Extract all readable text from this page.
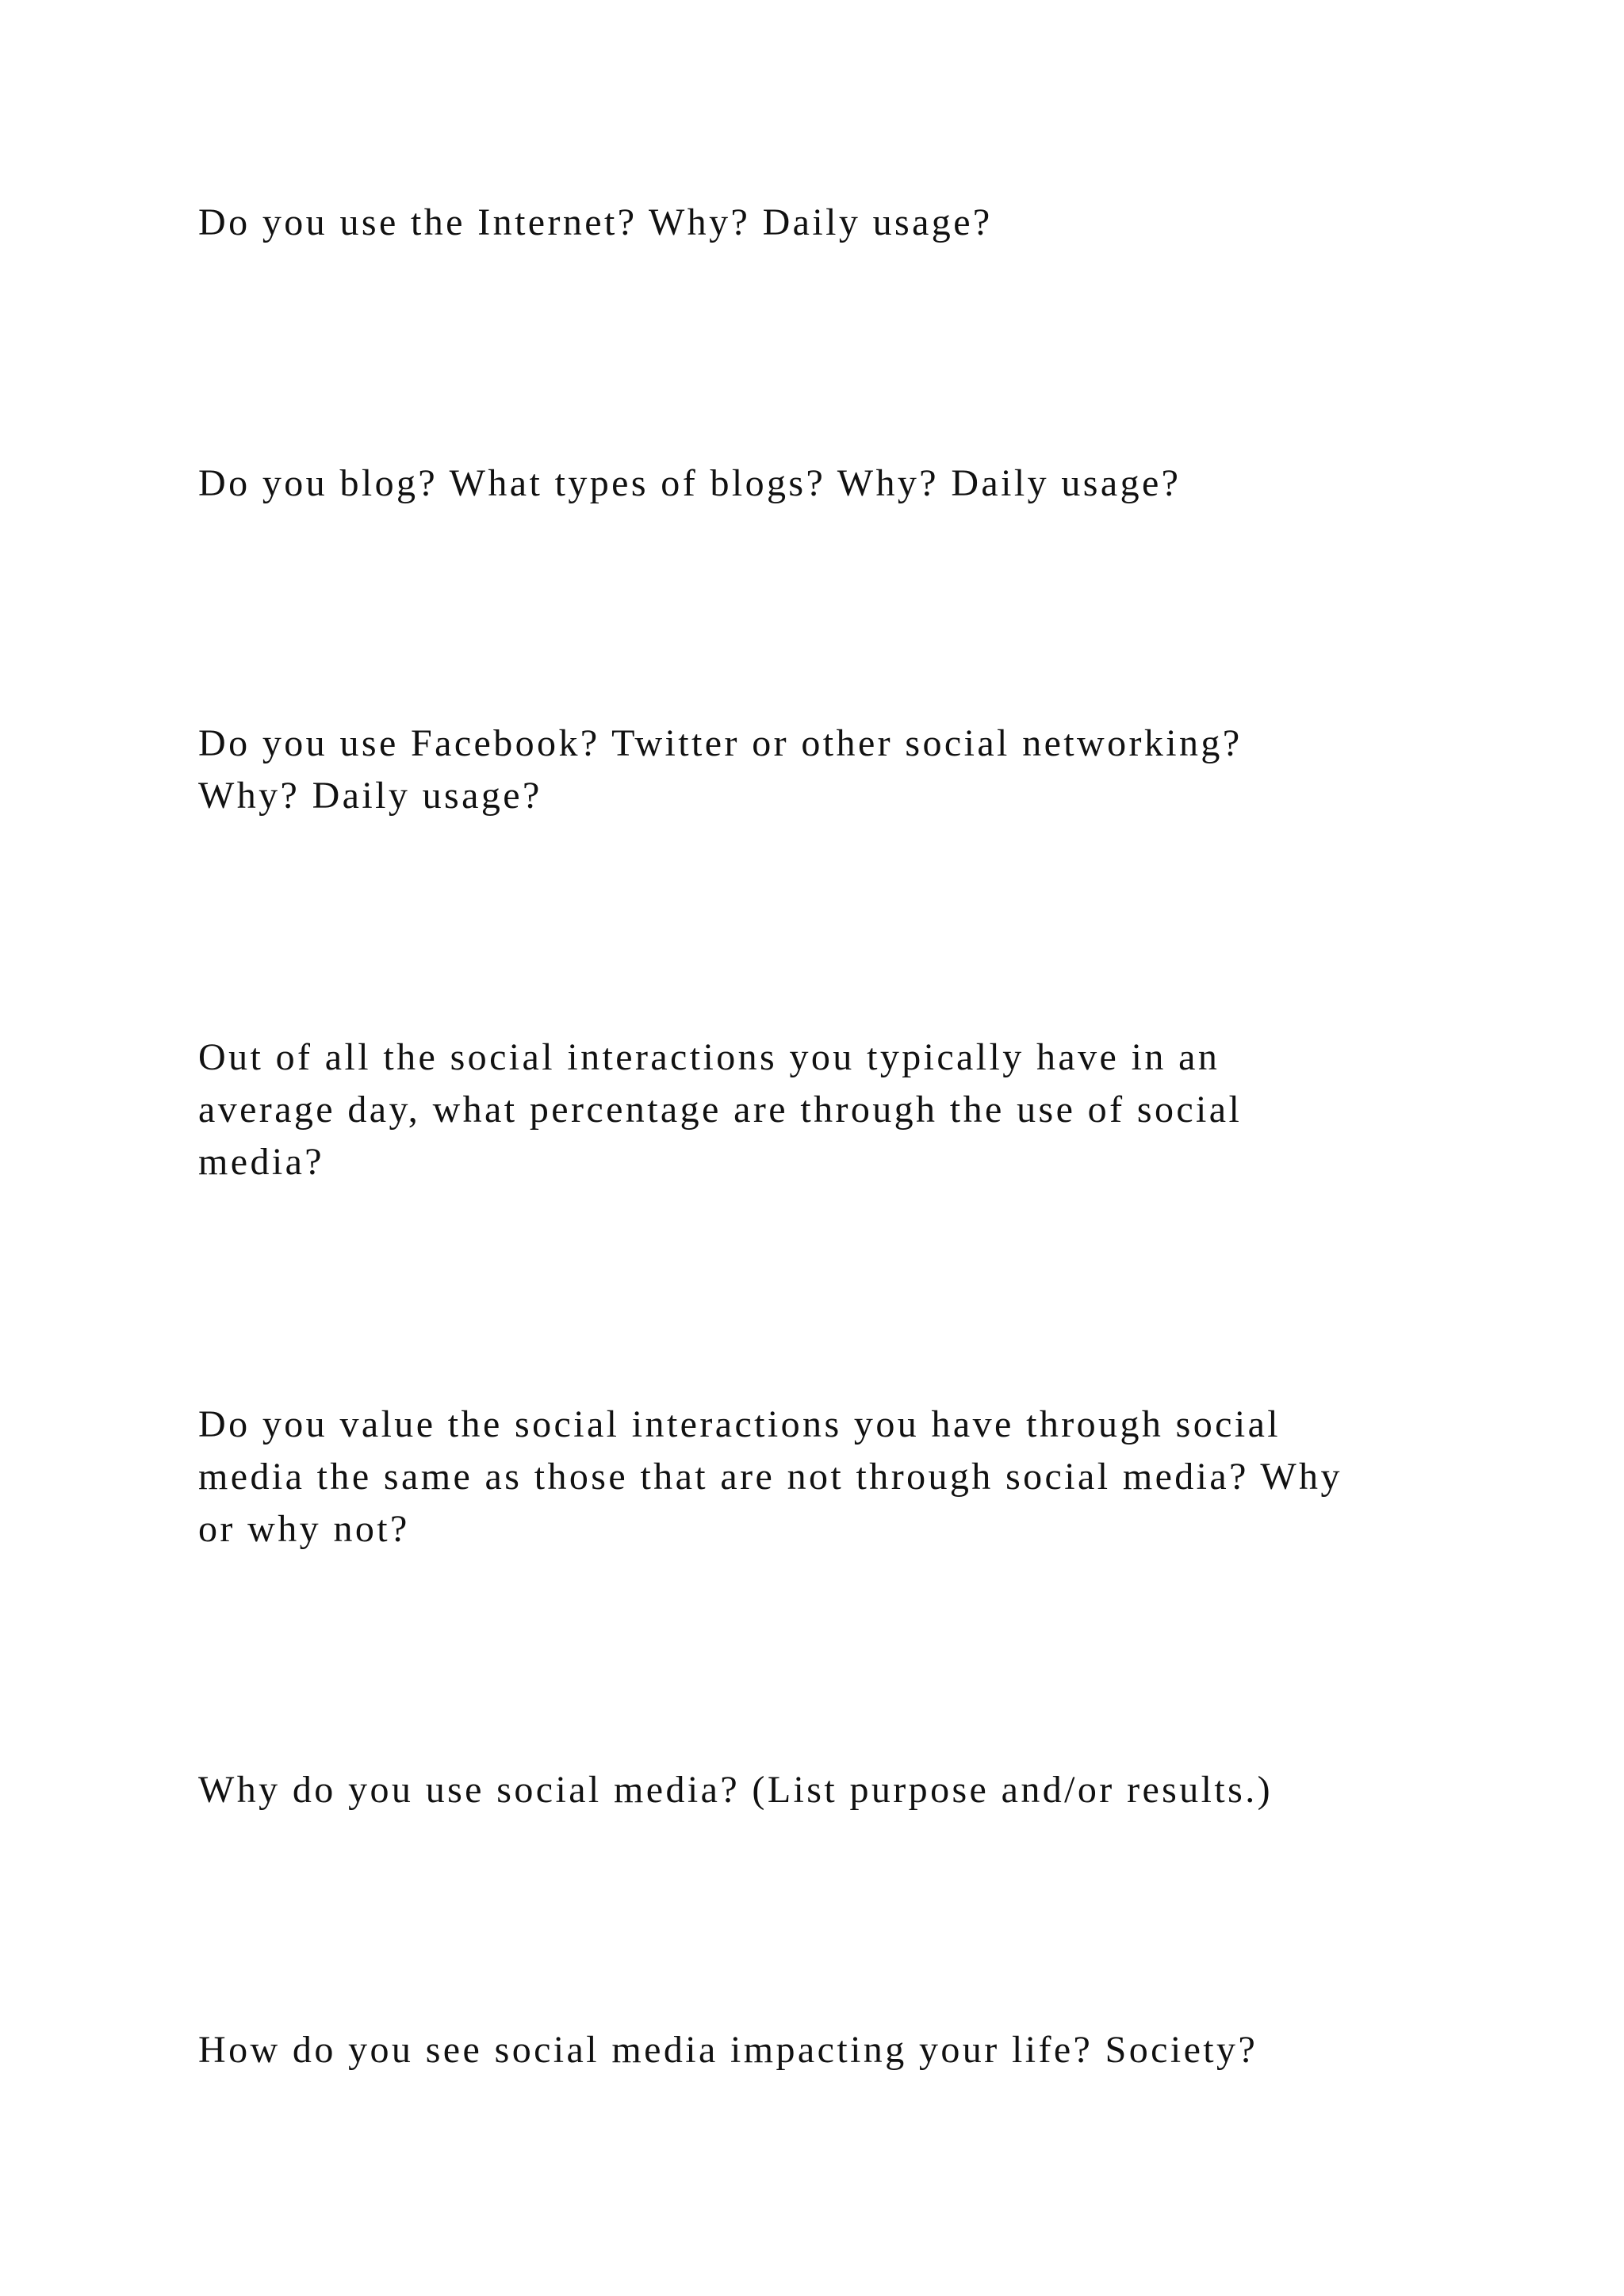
Do you use the Internet? Why? Daily usage?

Do you blog? What types of blogs? Why? Daily usage?

Do you use Facebook? Twitter or other social networking?
Why? Daily usage?

Out of all the social interactions you typically have in an
average day, what percentage are through the use of social
media?

Do you value the social interactions you have through social
media the same as those that are not through social media? Why
or why not?

Why do you use social media? (List purpose and/or results.)

How do you see social media impacting your life? Society?
